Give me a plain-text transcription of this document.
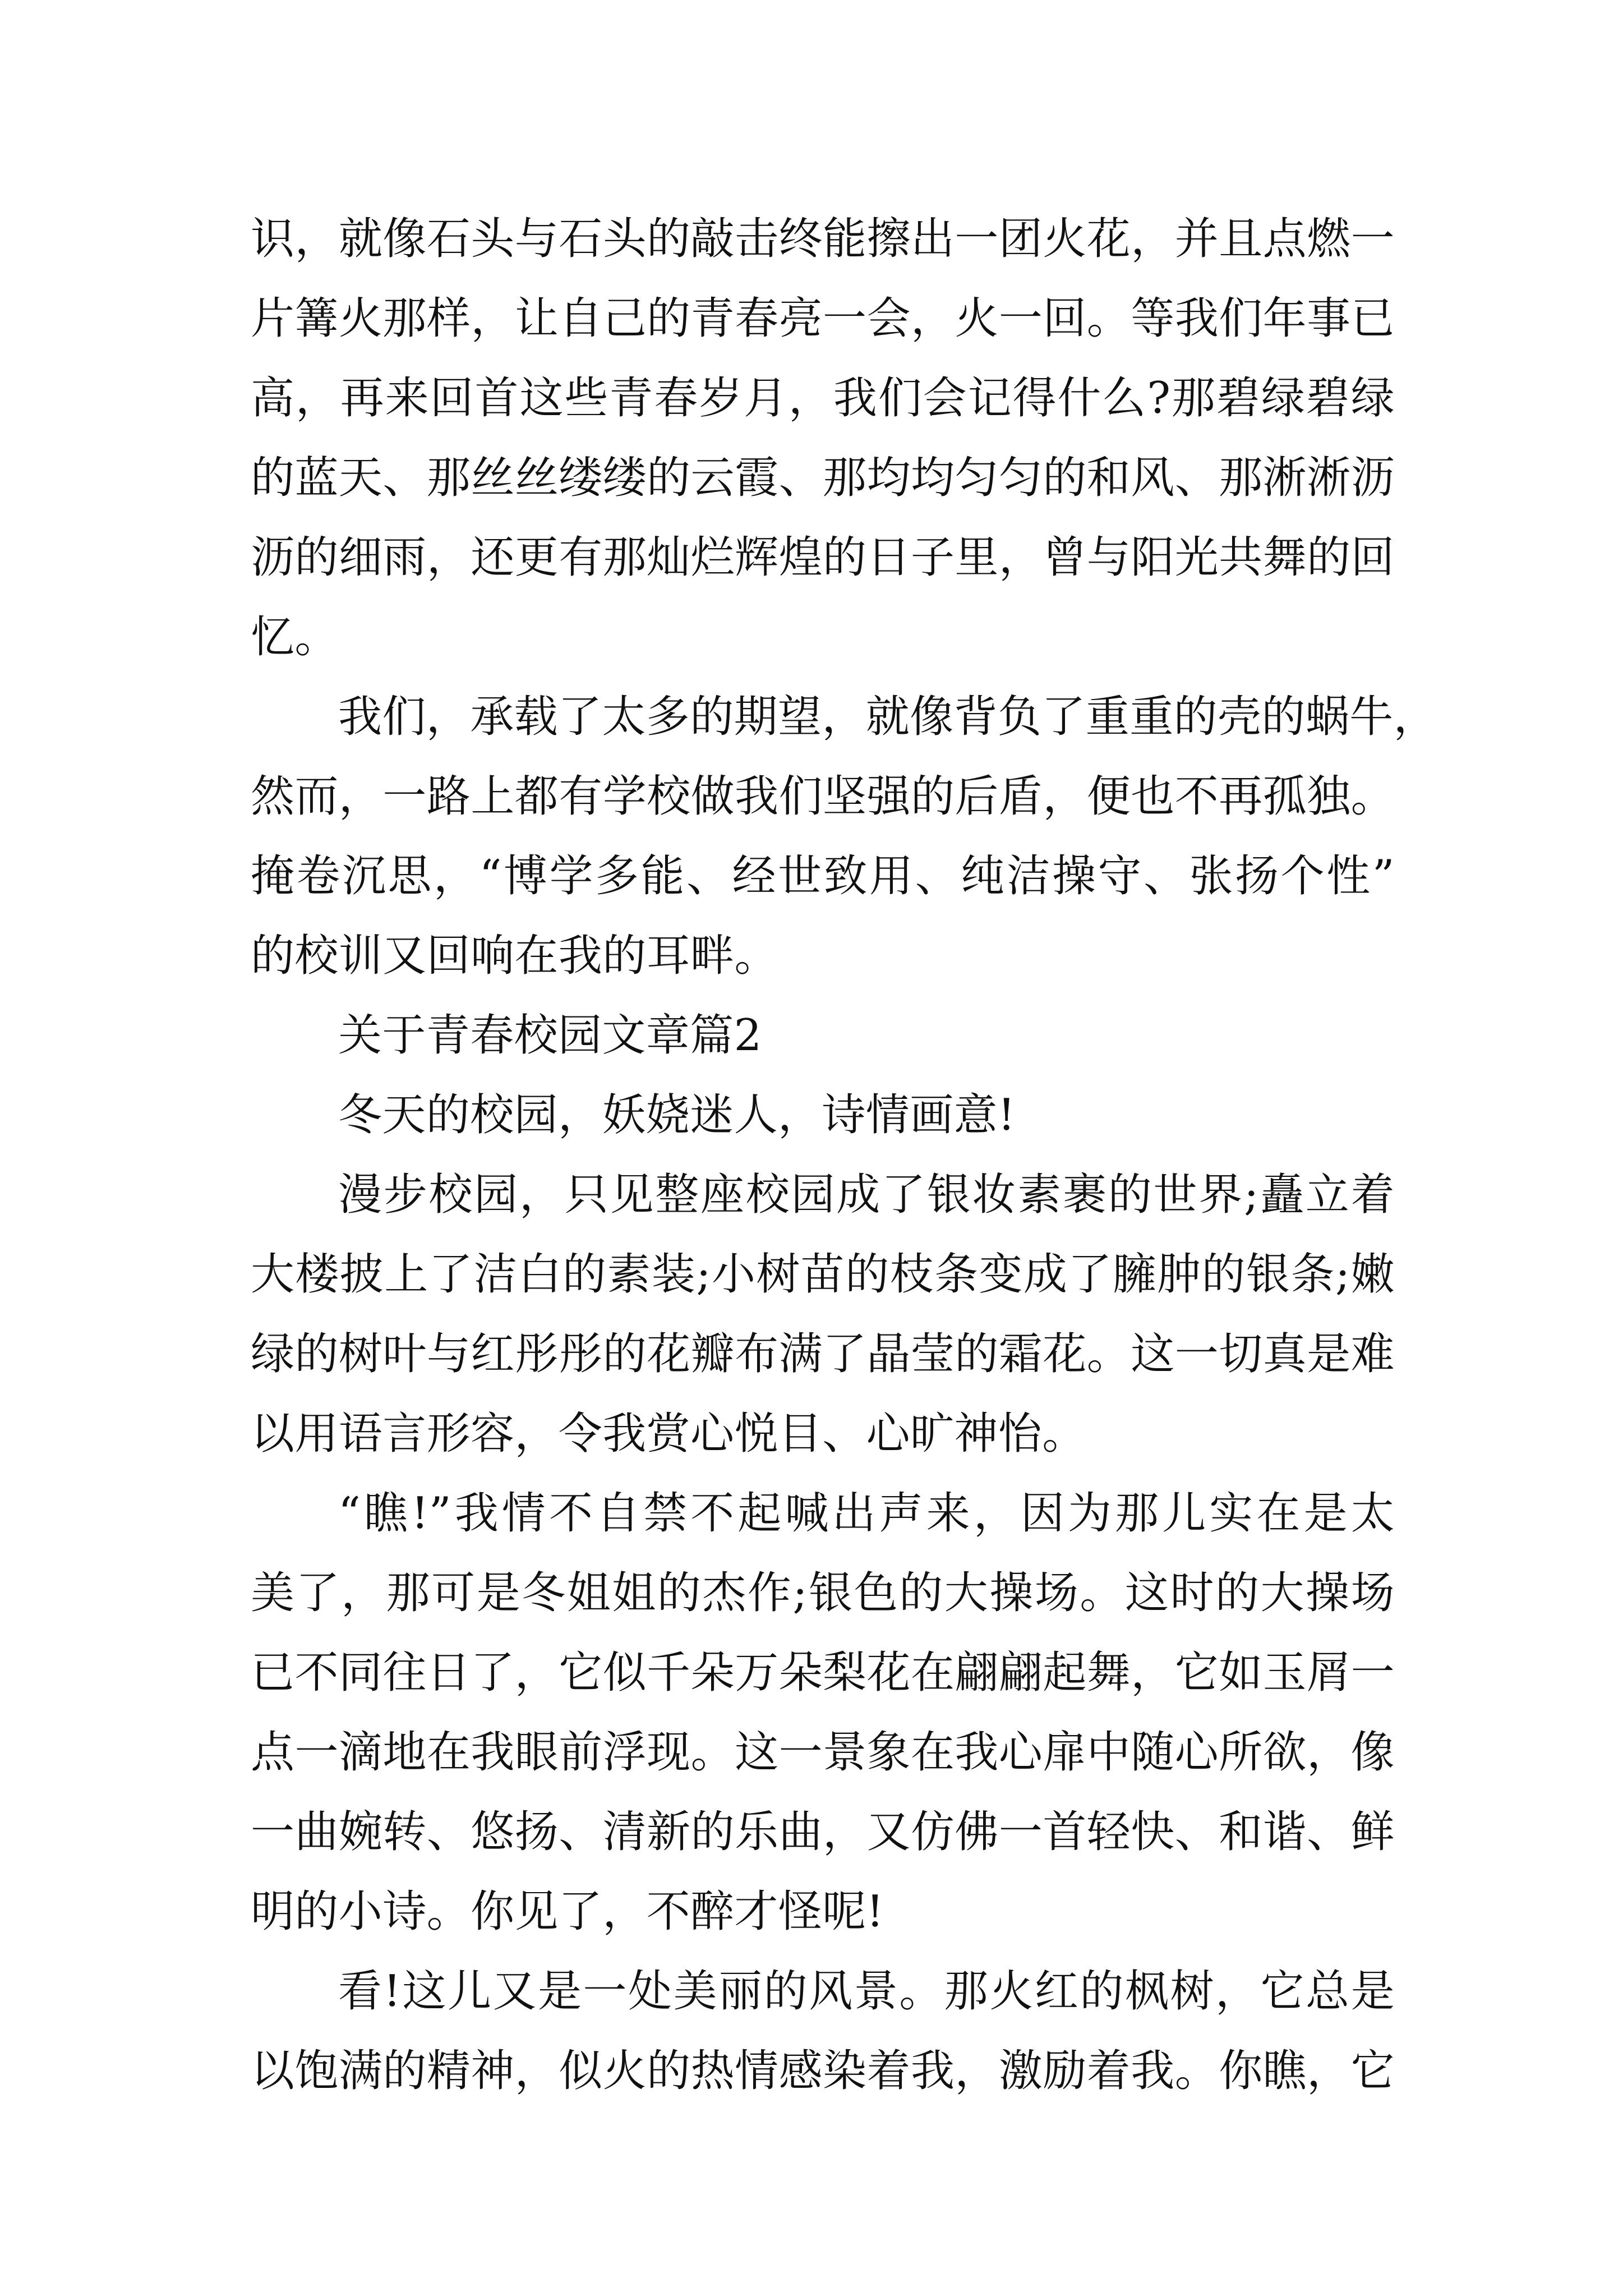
识，就像石头与石头的敲击终能擦出一团火花，并且点燃一
片篝火那样，让自己的青春亮一会，火一回。等我们年事已
高，再来回首这些青春岁月，我们会记得什么?那碧绿碧绿
的蓝天、那丝丝缕缕的云霞、那均均匀匀的和风、那淅淅沥
沥的细雨，还更有那灿烂辉煌的日子里，曾与阳光共舞的回
忆。
我们，承载了太多的期望，就像背负了重重的壳的蜗牛，
然而，一路上都有学校做我们坚强的后盾，便也不再孤独。
掩卷沉思，“博学多能、经世致用、纯洁操守、张扬个性”
的校训又回响在我的耳畔。
关于青春校园文章篇2
冬天的校园，妖娆迷人，诗情画意!
漫步校园，只见整座校园成了银妆素裹的世界;矗立着
大楼披上了洁白的素装;小树苗的枝条变成了臃肿的银条;嫩
绿的树叶与红彤彤的花瓣布满了晶莹的霜花。这一切真是难
以用语言形容，令我赏心悦目、心旷神怡。
“瞧!”我情不自禁不起喊出声来，因为那儿实在是太
美了，那可是冬姐姐的杰作;银色的大操场。这时的大操场
已不同往日了，它似千朵万朵梨花在翩翩起舞，它如玉屑一
点一滴地在我眼前浮现。这一景象在我心扉中随心所欲，像
一曲婉转、悠扬、清新的乐曲，又仿佛一首轻快、和谐、鲜
明的小诗。你见了，不醉才怪呢!
看!这儿又是一处美丽的风景。那火红的枫树，它总是
以饱满的精神，似火的热情感染着我，激励着我。你瞧，它
